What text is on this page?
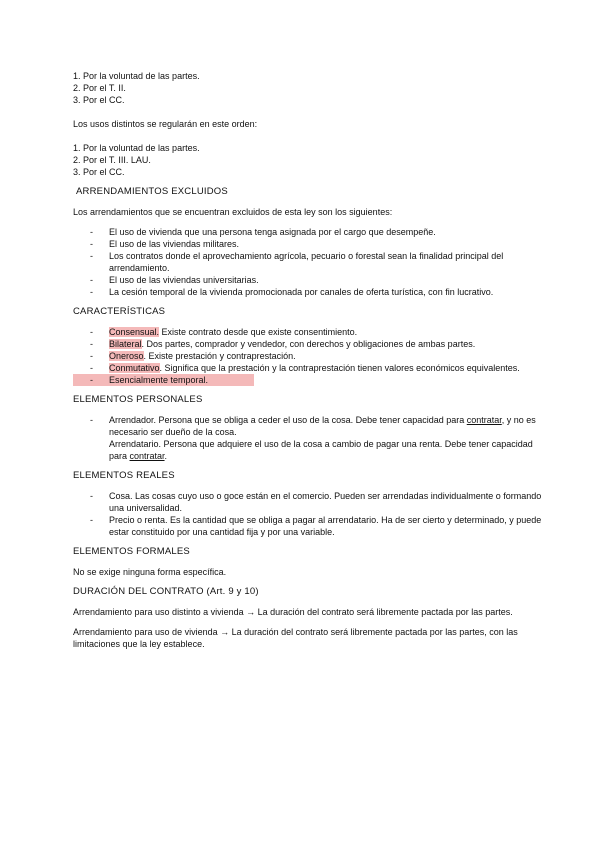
1. Por la voluntad de las partes.
2. Por el T. II.
3. Por el CC.
Los usos distintos se regularán en este orden:
1. Por la voluntad de las partes.
2. Por el T. III. LAU.
3. Por el CC.
ARRENDAMIENTOS EXCLUIDOS
Los arrendamientos que se encuentran excluidos de esta ley son los siguientes:
- El uso de vivienda que una persona tenga asignada por el cargo que desempeñe.
- El uso de las viviendas militares.
- Los contratos donde el aprovechamiento agrícola, pecuario o forestal sean la finalidad principal del arrendamiento.
- El uso de las viviendas universitarias.
- La cesión temporal de la vivienda promocionada por canales de oferta turística, con fin lucrativo.
CARACTERÍSTICAS
- Consensual. Existe contrato desde que existe consentimiento.
- Bilateral. Dos partes, comprador y vendedor, con derechos y obligaciones de ambas partes.
- Oneroso. Existe prestación y contraprestación.
- Conmutativo. Significa que la prestación y la contraprestación tienen valores económicos equivalentes.
- Esencialmente temporal.
ELEMENTOS PERSONALES
- Arrendador. Persona que se obliga a ceder el uso de la cosa. Debe tener capacidad para contratar, y no es necesario ser dueño de la cosa.
Arrendatario. Persona que adquiere el uso de la cosa a cambio de pagar una renta. Debe tener capacidad para contratar.
ELEMENTOS REALES
- Cosa. Las cosas cuyo uso o goce están en el comercio. Pueden ser arrendadas individualmente o formando una universalidad.
- Precio o renta. Es la cantidad que se obliga a pagar al arrendatario. Ha de ser cierto y determinado, y puede estar constituido por una cantidad fija y por una variable.
ELEMENTOS FORMALES
No se exige ninguna forma específica.
DURACIÓN DEL CONTRATO (Art. 9 y 10)

Arrendamiento para uso distinto a vivienda → La duración del contrato será libremente pactada por las partes.

Arrendamiento para uso de vivienda → La duración del contrato será libremente pactada por las partes, con las limitaciones que la ley establece.
